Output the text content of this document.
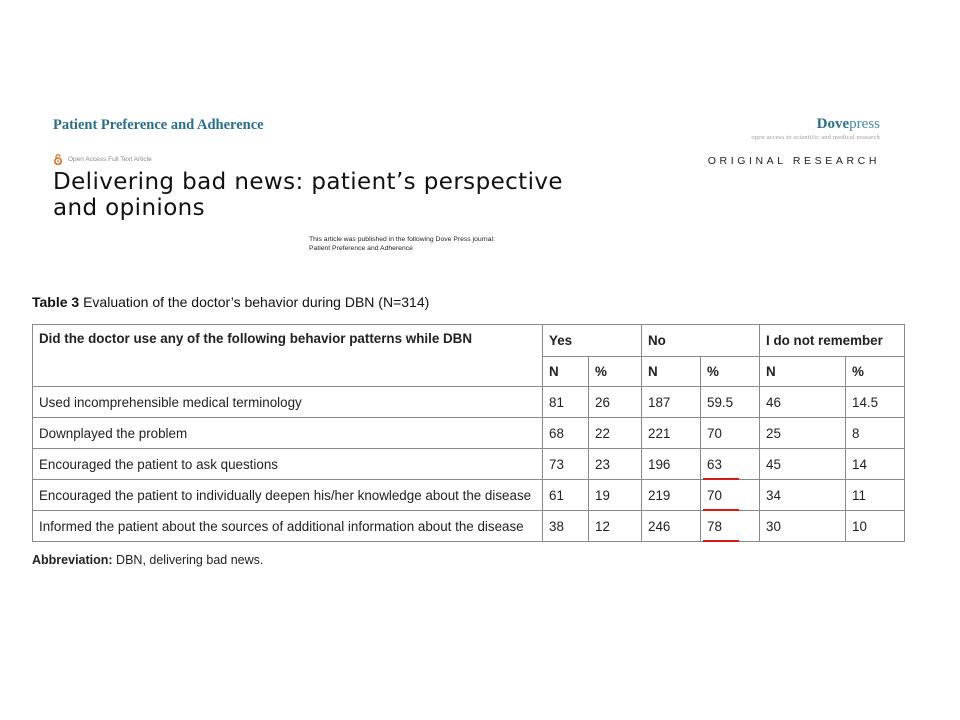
Patient Preference and Adherence	Dovepress
open access to scientific and medical research
Open Access Full Text Article	ORIGINAL RESEARCH
Delivering bad news: patient’s perspective
and opinions
This article was published in the following Dove Press journal:
Patient Preference and Adherence
Table 3 Evaluation of the doctor’s behavior during DBN (N=314)
Did the doctor use any of the following behavior patterns while DBN	Yes		No		I do not remember	
	N	%	N	%	N	%
Used incomprehensible medical terminology	81	26	187	59.5	46	14.5
Downplayed the problem	68	22	221	70	25	8
Encouraged the patient to ask questions	73	23	196	63	45	14
Encouraged the patient to individually deepen his/her knowledge about the disease	61	19	219	70	34	11
Informed the patient about the sources of additional information about the disease	38	12	246	78	30	10
Abbreviation: DBN, delivering bad news.
